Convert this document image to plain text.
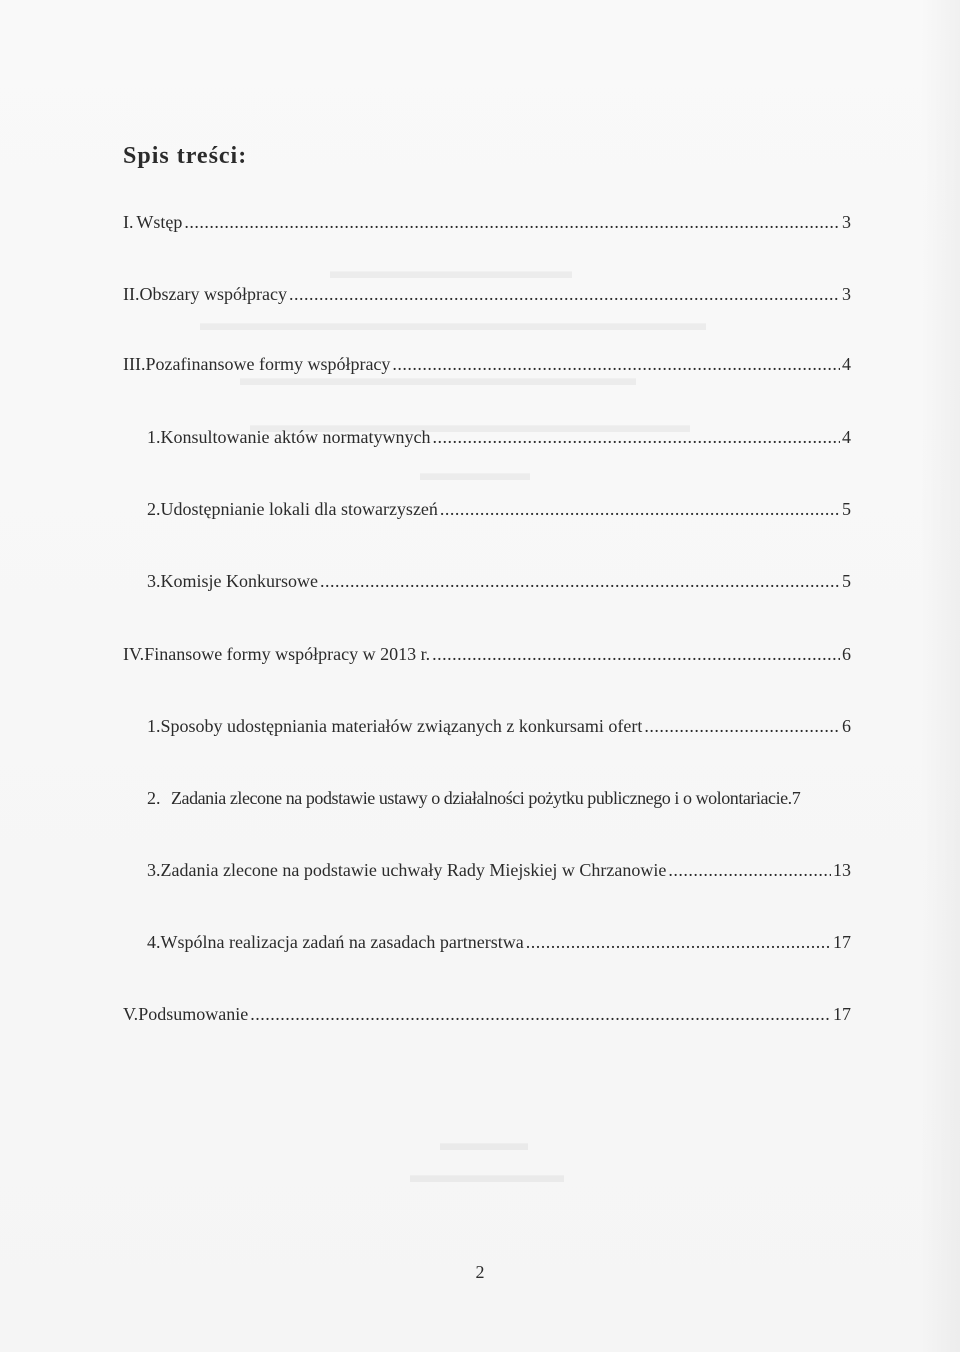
Spis treści:
I. Wstęp .....	3
II. Obszary współpracy .....	3
III. Pozafinansowe formy współpracy .....	4
1. Konsultowanie aktów normatywnych .....	4
2. Udostępnianie lokali dla stowarzyszeń .....	5
3. Komisje Konkursowe .....	5
IV. Finansowe formy współpracy w 2013 r. .....	6
1. Sposoby udostępniania materiałów związanych z konkursami ofert .....	6
2. Zadania zlecone na podstawie ustawy o działalności pożytku publicznego i o wolontariacie. 7
3. Zadania zlecone na podstawie uchwały Rady Miejskiej w Chrzanowie .....	13
4. Wspólna realizacja zadań na zasadach partnerstwa .....	17
V. Podsumowanie .....	17
2
